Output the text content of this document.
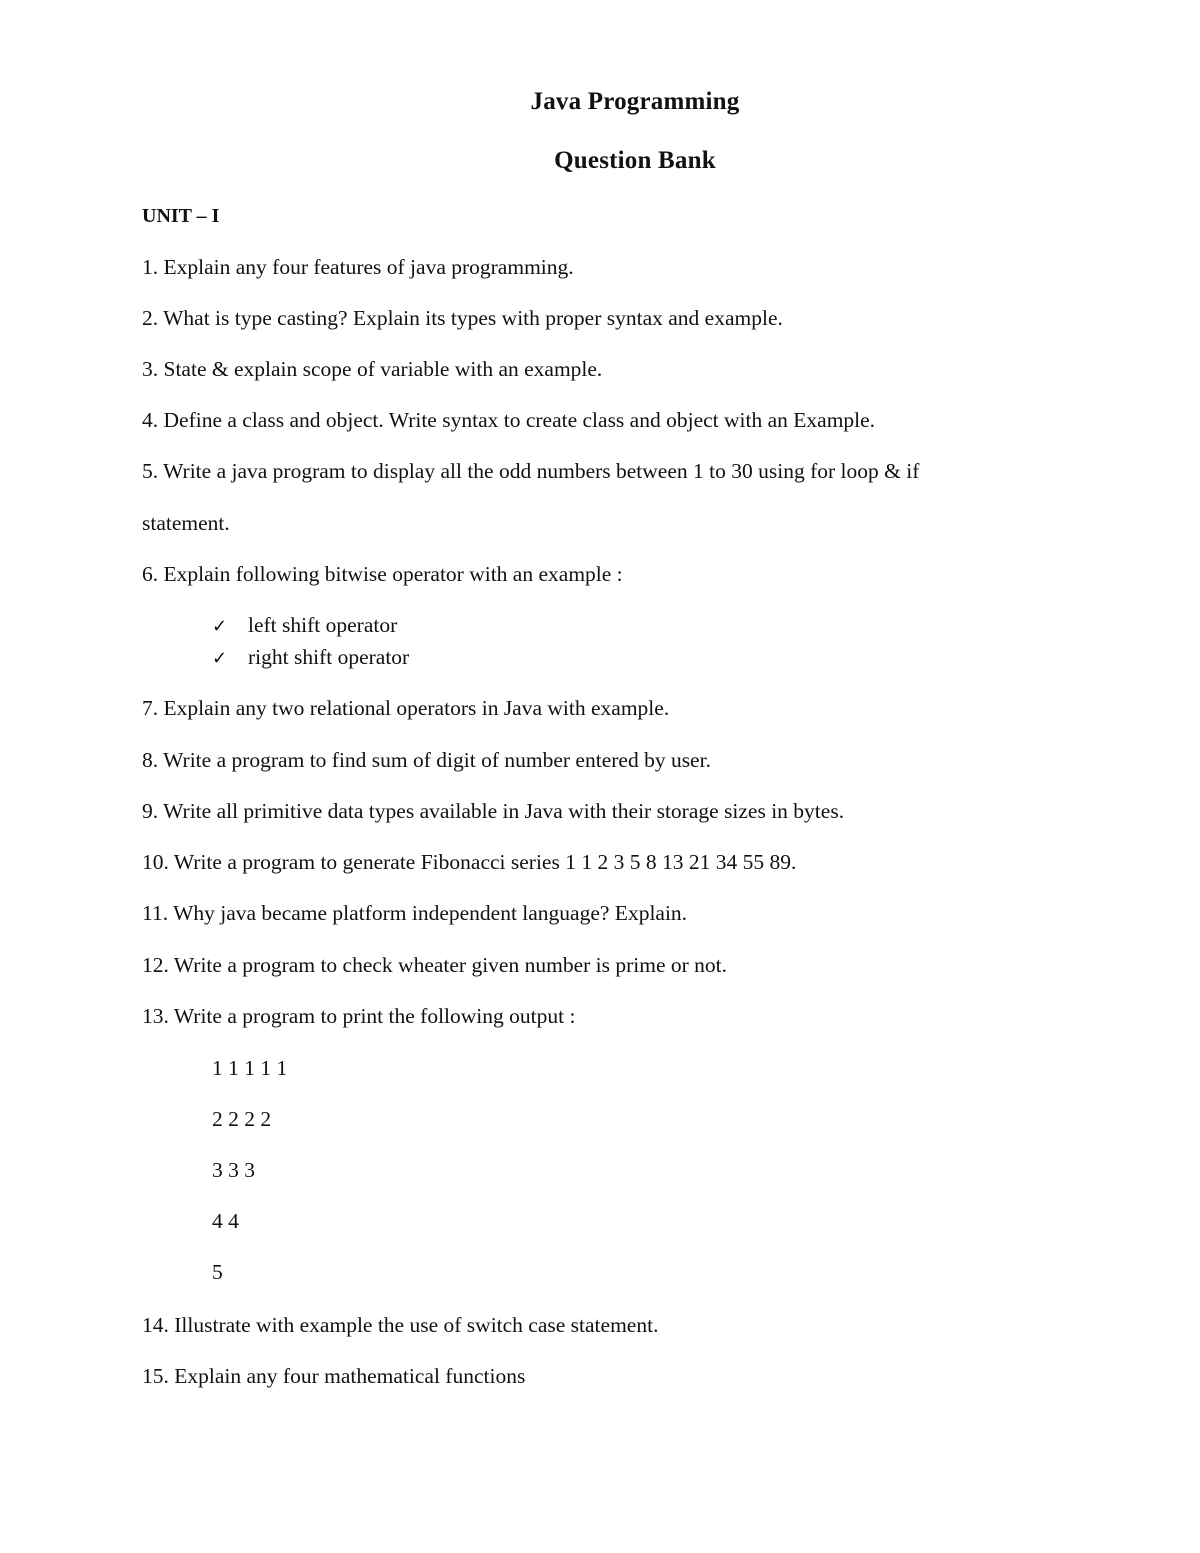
Java Programming
Question Bank
UNIT – I
1. Explain any four features of java programming.
2. What is type casting? Explain its types with proper syntax and example.
3. State & explain scope of variable with an example.
4. Define a class and object. Write syntax to create class and object with an Example.
5. Write a java program to display all the odd numbers between 1 to 30 using for loop & if
statement.
6. Explain following bitwise operator with an example :
✓ left shift operator
✓ right shift operator
7. Explain any two relational operators in Java with example.
8. Write a program to find sum of digit of number entered by user.
9. Write all primitive data types available in Java with their storage sizes in bytes.
10. Write a program to generate Fibonacci series 1 1 2 3 5 8 13 21 34 55 89.
11. Why java became platform independent language? Explain.
12. Write a program to check wheater given number is prime or not.
13. Write a program to print the following output :
1 1 1 1 1
2 2 2 2
3 3 3
4 4
5
14. Illustrate with example the use of switch case statement.
15. Explain any four mathematical functions
